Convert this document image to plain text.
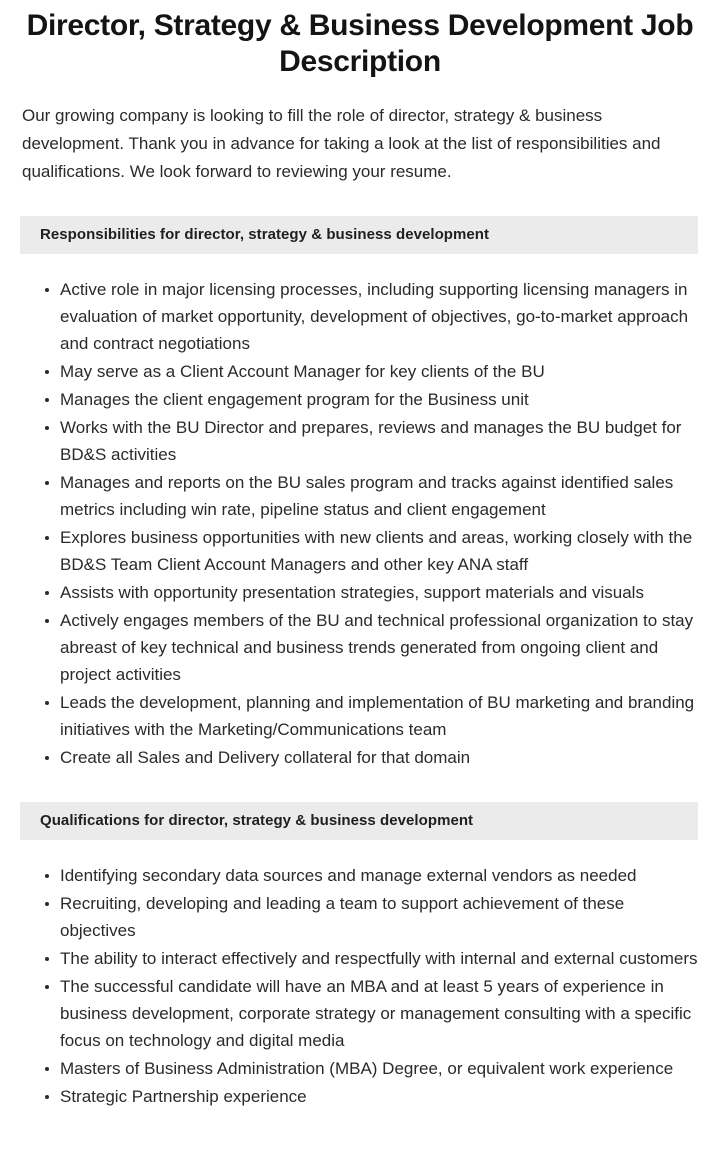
Director, Strategy & Business Development Job Description

Our growing company is looking to fill the role of director, strategy & business development. Thank you in advance for taking a look at the list of responsibilities and qualifications. We look forward to reviewing your resume.

Responsibilities for director, strategy & business development
Active role in major licensing processes, including supporting licensing managers in evaluation of market opportunity, development of objectives, go-to-market approach and contract negotiations
May serve as a Client Account Manager for key clients of the BU
Manages the client engagement program for the Business unit
Works with the BU Director and prepares, reviews and manages the BU budget for BD&S activities
Manages and reports on the BU sales program and tracks against identified sales metrics including win rate, pipeline status and client engagement
Explores business opportunities with new clients and areas, working closely with the BD&S Team Client Account Managers and other key ANA staff
Assists with opportunity presentation strategies, support materials and visuals
Actively engages members of the BU and technical professional organization to stay abreast of key technical and business trends generated from ongoing client and project activities
Leads the development, planning and implementation of BU marketing and branding initiatives with the Marketing/Communications team
Create all Sales and Delivery collateral for that domain
Qualifications for director, strategy & business development
Identifying secondary data sources and manage external vendors as needed
Recruiting, developing and leading a team to support achievement of these objectives
The ability to interact effectively and respectfully with internal and external customers
The successful candidate will have an MBA and at least 5 years of experience in business development, corporate strategy or management consulting with a specific focus on technology and digital media
Masters of Business Administration (MBA) Degree, or equivalent work experience
Strategic Partnership experience
